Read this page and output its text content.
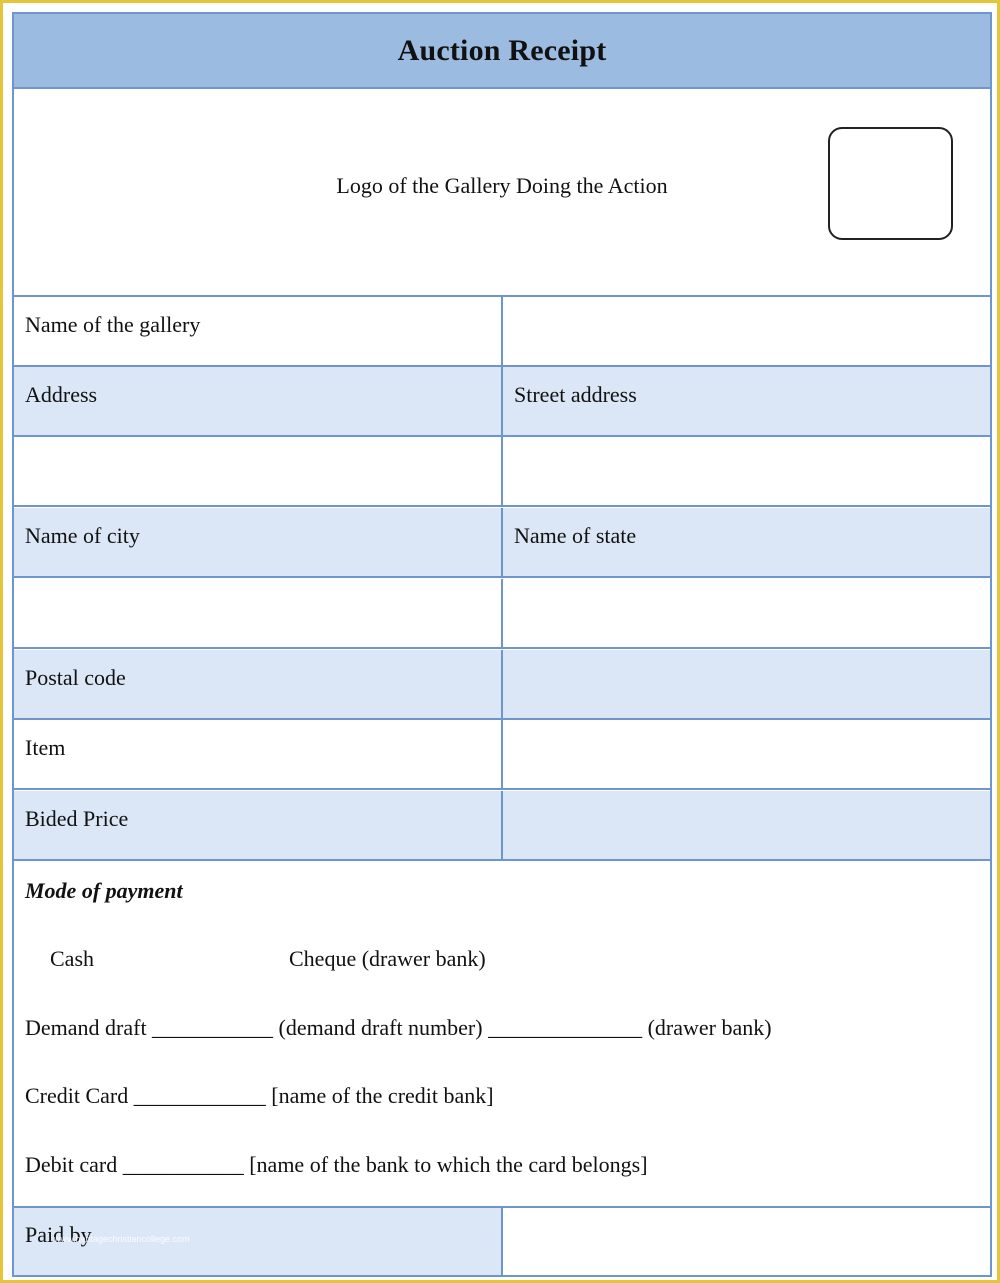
Auction Receipt
Logo of the Gallery Doing the Action
Name of the gallery
Address	Street address
Name of city	Name of state
Postal code
Item
Bided Price
Mode of payment
Cash	Cheque (drawer bank)
Demand draft ___________ (demand draft number) ______________ (drawer bank)
Credit Card ____________ [name of the credit bank]
Debit card ___________ [name of the bank to which the card belongs]
Paid by
www.heritagechristiancollege.com
